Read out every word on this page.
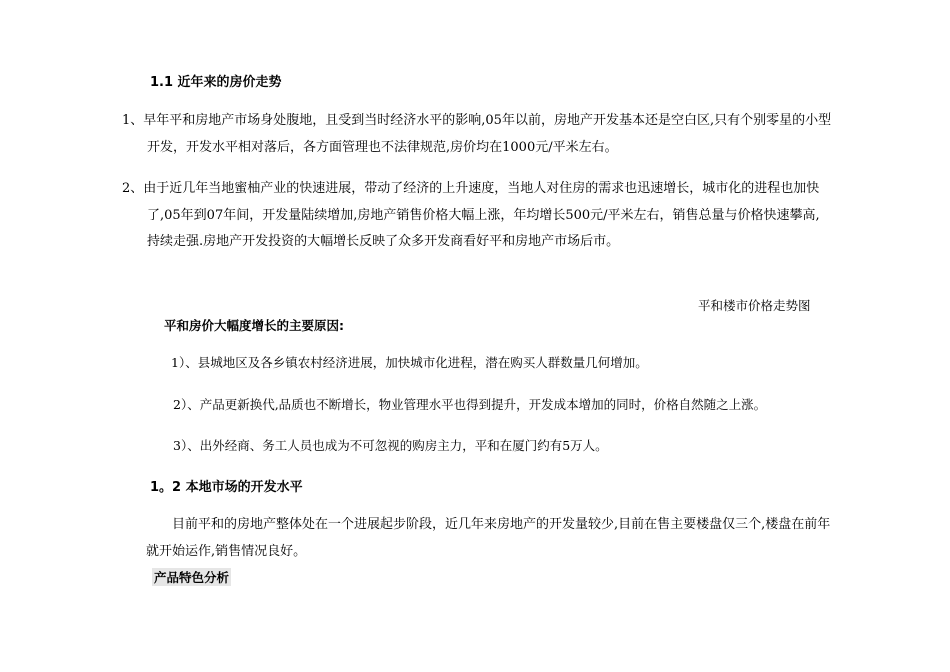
1.1 近年来的房价走势
1、早年平和房地产市场身处腹地，且受到当时经济水平的影响,05年以前，房地产开发基本还是空白区,只有个别零星的小型
开发，开发水平相对落后，各方面管理也不法律规范,房价均在1000元/平米左右。
2、由于近几年当地蜜柚产业的快速进展，带动了经济的上升速度，当地人对住房的需求也迅速增长，城市化的进程也加快
了,05年到07年间，开发量陆续增加,房地产销售价格大幅上涨，年均增长500元/平米左右，销售总量与价格快速攀高,
持续走强.房地产开发投资的大幅增长反映了众多开发商看好平和房地产市场后市。
平和楼市价格走势图
平和房价大幅度增长的主要原因:
1）、县城地区及各乡镇农村经济进展，加快城市化进程，潜在购买人群数量几何增加。
2）、产品更新换代,品质也不断增长，物业管理水平也得到提升，开发成本增加的同时，价格自然随之上涨。
3）、出外经商、务工人员也成为不可忽视的购房主力，平和在厦门约有5万人。
1。2 本地市场的开发水平
目前平和的房地产整体处在一个进展起步阶段，近几年来房地产的开发量较少,目前在售主要楼盘仅三个,楼盘在前年
就开始运作,销售情况良好。
产品特色分析
